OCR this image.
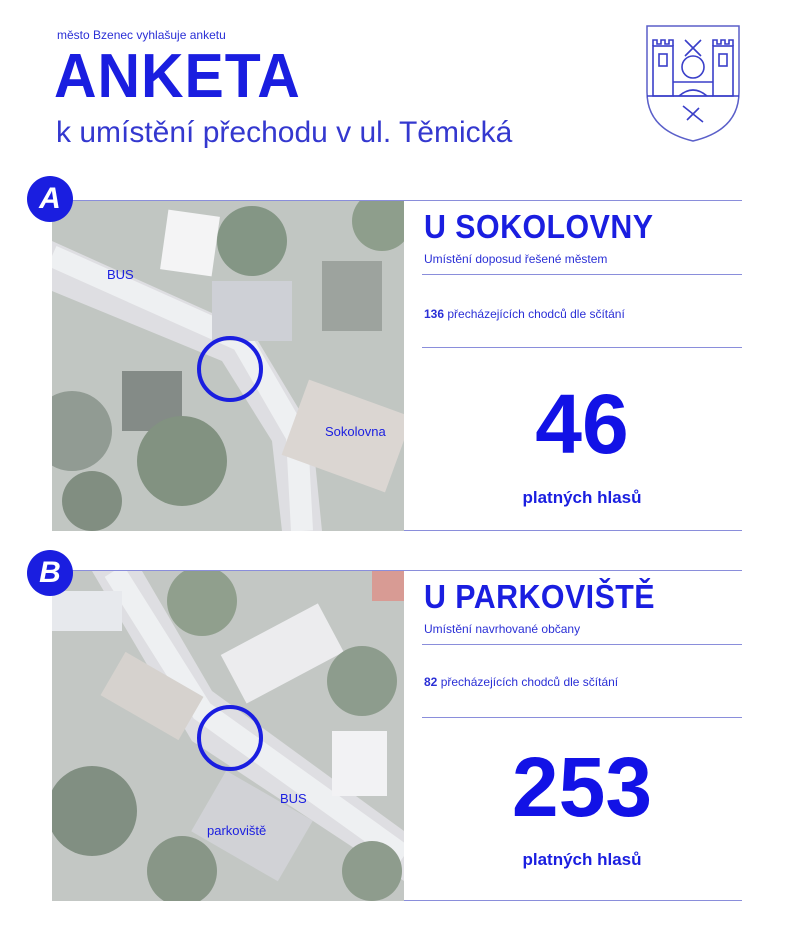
město Bzenec vyhlašuje anketu
ANKETA
k umístění přechodu v ul. Těmická
A
BUS
Sokolovna
U SOKOLOVNY
Umístění doposud řešené městem
136 přecházejících chodců dle sčítání
46
platných hlasů
B
BUS
parkoviště
U PARKOVIŠTĚ
Umístění navrhované občany
82 přecházejících chodců dle sčítání
253
platných hlasů
